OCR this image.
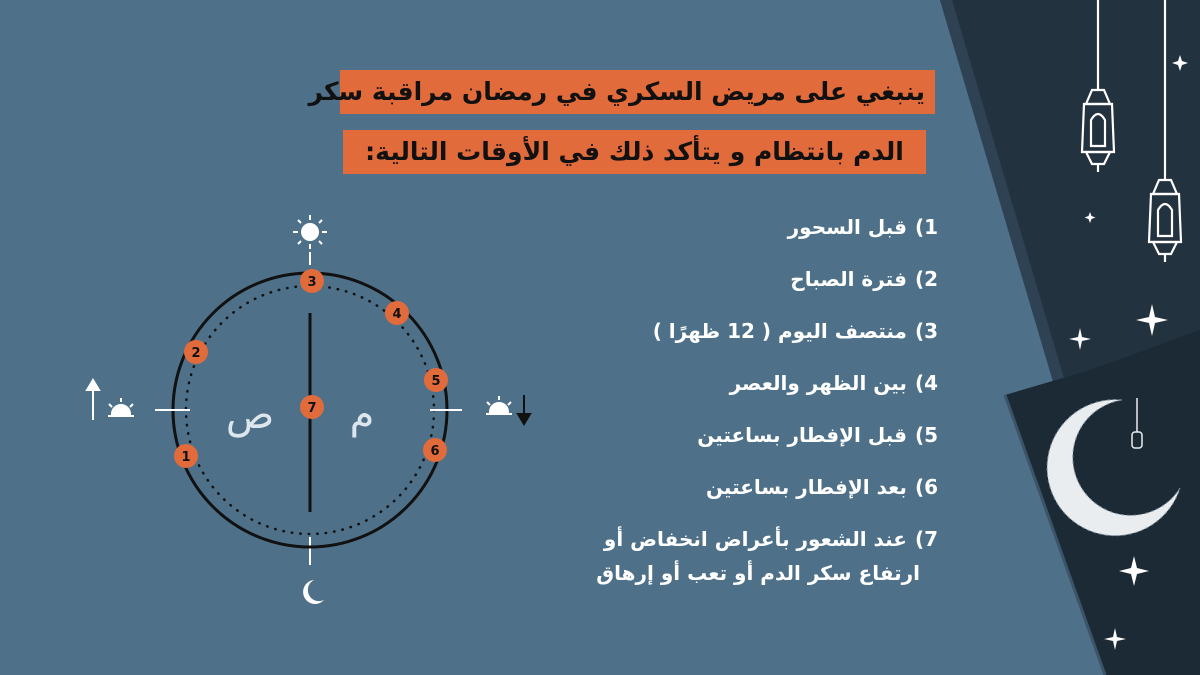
ينبغي على مريض السكري في رمضان مراقبة سكر
الدم بانتظام و يتأكد ذلك في الأوقات التالية:
3
4
2
5
7
1	6
ص م
1)
قبل السحور
2)
فترة الصباح
3)
منتصف اليوم ( 12 ظهرًا )
4)
بين الظهر والعصر
5)
قبل الإفطار بساعتين
6)
بعد الإفطار بساعتين
7)
عند الشعور بأعراض انخفاض أو
ارتفاع سكر الدم أو تعب أو إرهاق
